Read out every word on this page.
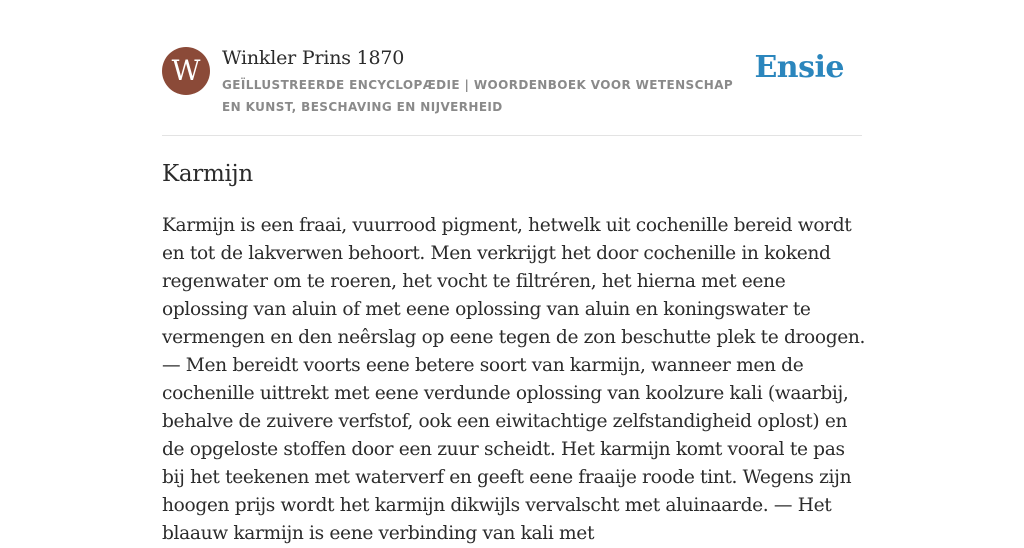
W	Winkler Prins 1870
GEÏLLUSTREERDE ENCYCLOPÆDIE | WOORDENBOEK VOOR WETENSCHAP EN KUNST, BESCHAVING EN NIJVERHEID
Ensie
Karmijn

Karmijn is een fraai, vuurrood pigment, hetwelk uit cochenille bereid wordt en tot de lakverwen behoort. Men verkrijgt het door cochenille in kokend regenwater om te roeren, het vocht te filtréren, het hierna met eene oplossing van aluin of met eene oplossing van aluin en koningswater te vermengen en den neêrslag op eene tegen de zon beschutte plek te droogen. — Men bereidt voorts eene betere soort van karmijn, wanneer men de cochenille uittrekt met eene verdunde oplossing van koolzure kali (waarbij, behalve de zuivere verfstof, ook een eiwitachtige zelfstandigheid oplost) en de opgeloste stoffen door een zuur scheidt. Het karmijn komt vooral te pas bij het teekenen met waterverf en geeft eene fraaije roode tint. Wegens zijn hoogen prijs wordt het karmijn dikwijls vervalscht met aluinaarde. — Het blaauw karmijn is eene verbinding van kali met
